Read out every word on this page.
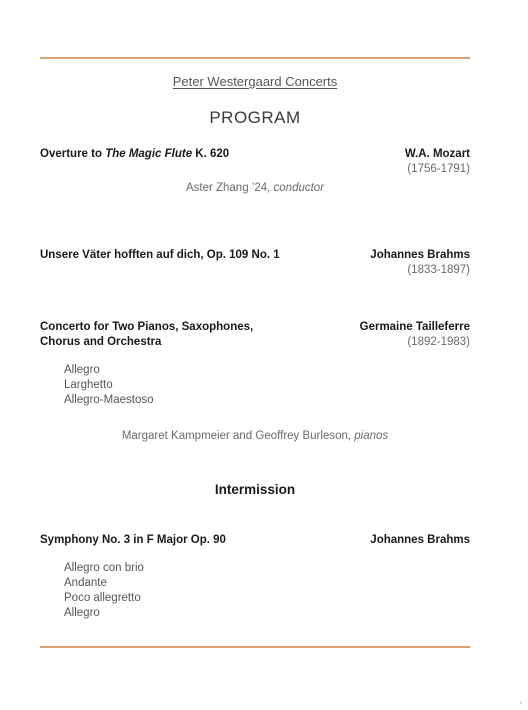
Peter Westergaard Concerts
PROGRAM
Overture to The Magic Flute K. 620	W.A. Mozart
(1756-1791)
Aster Zhang ’24, conductor
Unsere Väter hofften auf dich, Op. 109 No. 1	Johannes Brahms
(1833-1897)
Concerto for Two Pianos, Saxophones,
Chorus and Orchestra
Germaine Tailleferre
(1892-1983)
Allegro
Larghetto
Allegro-Maestoso
Margaret Kampmeier and Geoffrey Burleson, pianos
Intermission
Symphony No. 3 in F Major Op. 90	Johannes Brahms
Allegro con brio
Andante
Poco allegretto
Allegro
1
